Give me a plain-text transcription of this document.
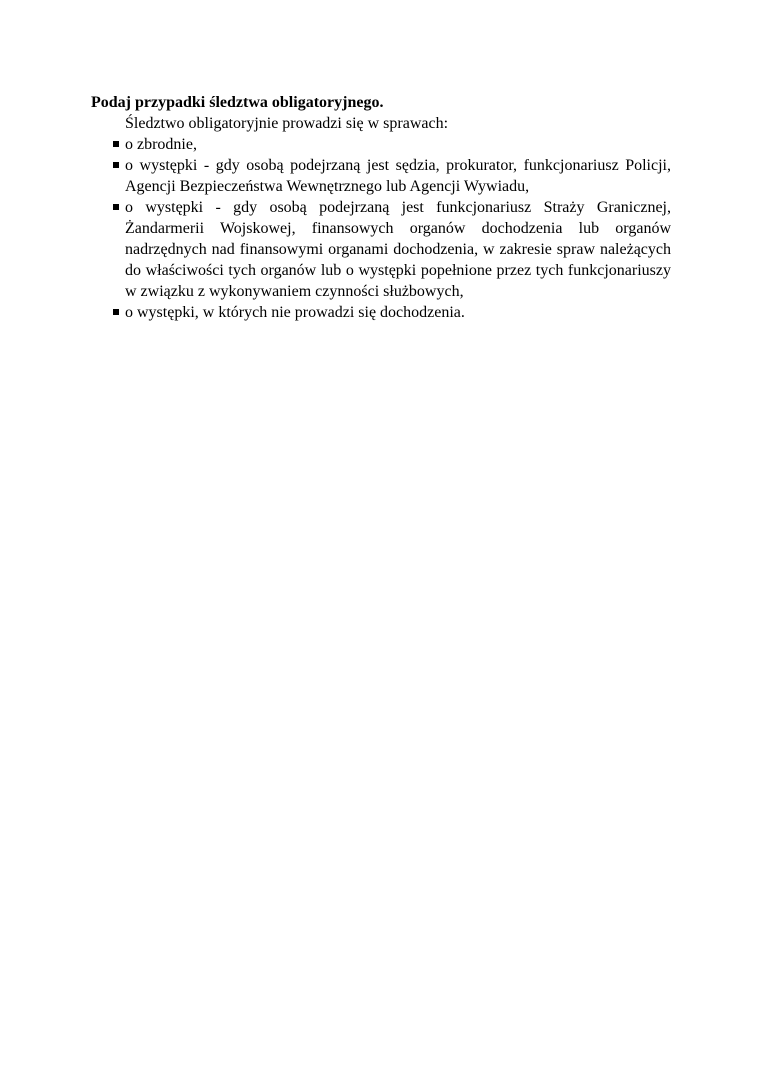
Podaj przypadki śledztwa obligatoryjnego.

Śledztwo obligatoryjnie prowadzi się w sprawach:

o zbrodnie,
o występki - gdy osobą podejrzaną jest sędzia, prokurator, funkcjonariusz Policji, Agencji Bezpieczeństwa Wewnętrznego lub Agencji Wywiadu,
o występki - gdy osobą podejrzaną jest funkcjonariusz Straży Granicznej, Żandarmerii Wojskowej, finansowych organów dochodzenia lub organów nadrzędnych nad finansowymi organami dochodzenia, w zakresie spraw należących do właściwości tych organów lub o występki popełnione przez tych funkcjonariuszy w związku z wykonywaniem czynności służbowych,
o występki, w których nie prowadzi się dochodzenia.
